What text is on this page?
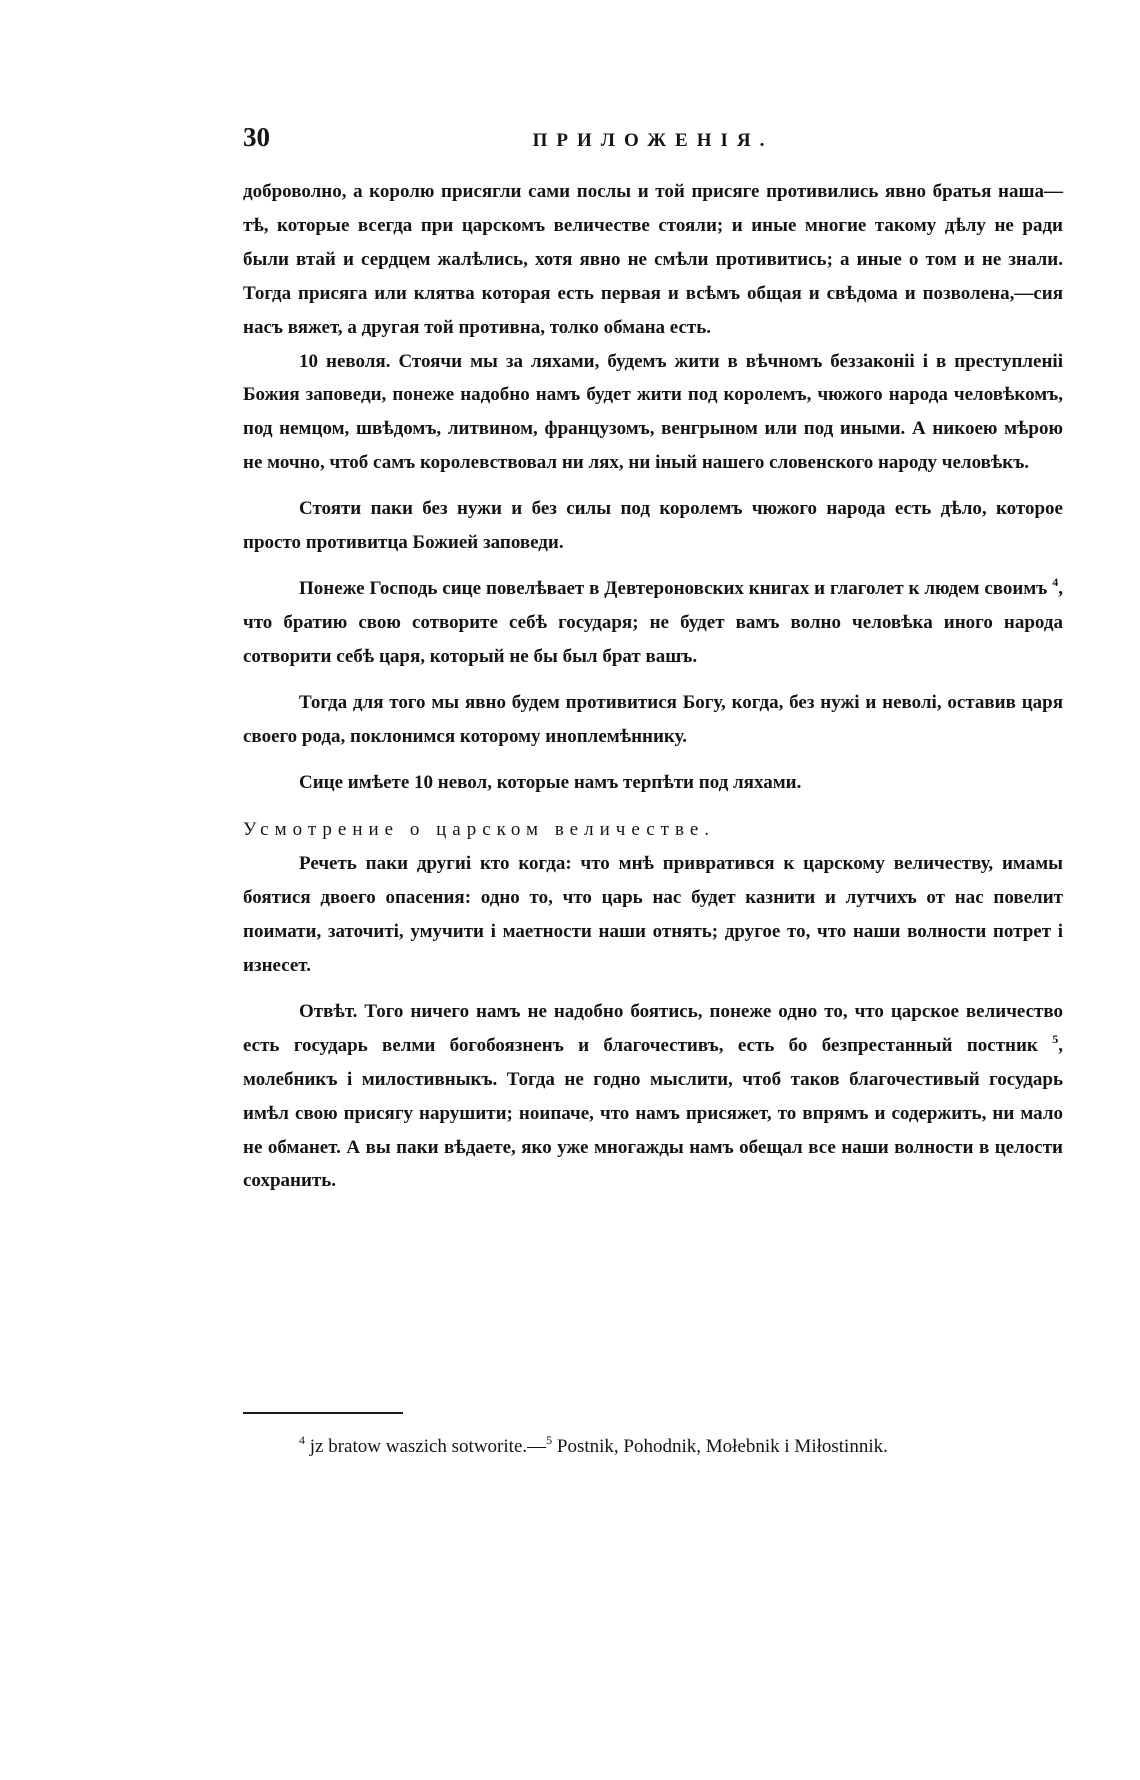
30	ПРИЛОЖЕНІЯ.

доброволно, а королю присягли сами послы и той присяге противились явно братья наша—тѣ, которые всегда при царскомъ величестве стояли; и иные многие такому дѣлу не ради были втай и сердцем жалѣлись, хотя явно не смѣли противитись; а иные о том и не знали. Тогда присяга или клятва которая есть первая и всѣмъ общая и свѣдома и позволена,—сия насъ вяжет, а другая той противна, толко обмана есть.

10 неволя. Стоячи мы за ляхами, будемъ жити в вѣчномъ беззаконіі і в преступленіі Божия заповеди, понеже надобно намъ будет жити под королемъ, чюжого народа человѣкомъ, под немцом, швѣдомъ, литвином, французомъ, венгрыном или под иными. А никоею мѣрою не мочно, чтоб самъ королевствовал ни лях, ни іный нашего словенского народу человѣкъ.

Стояти паки без нужи и без силы под королемъ чюжого народа есть дѣло, которое просто противитца Божией заповеди.

Понеже Господь сице повелѣвает в Девтероновских книгах и глаголет к людем своимъ $^4$, что братию свою сотворите себѣ государя; не будет вамъ волно человѣка иного народа сотворити себѣ царя, который не бы был брат вашъ.

Тогда для того мы явно будем противитися Богу, когда, без нужі и неволі, оставив царя своего рода, поклонимся которому иноплемѣннику.

Сице имѣете 10 невол, которые намъ терпѣти под ляхами.

Усмотрение о царском величестве.

Речеть паки другиі кто когда: что мнѣ привратився к царскому величеству, имамы боятися двоего опасения: одно то, что царь нас будет казнити и лутчихъ от нас повелит поимати, заточиті, умучити і маетности наши отнять; другое то, что наши волности потрет і изнесет.

Отвѣт. Того ничего намъ не надобно боятись, понеже одно то, что царское величество есть государь велми богобоязненъ и благочестивъ, есть бо безпрестанный постник $^5$, молебникъ і милостивныкъ. Тогда не годно мыслити, чтоб таков благочестивый государь имѣл свою присягу нарушити; ноипаче, что намъ присяжет, то впрямъ и содержить, ни мало не обманет. А вы паки вѣдаете, яко уже многажды намъ обещал все наши волности в целости сохранить.

$^4$ jz bratow waszich sotworite.—$^5$ Postnik, Pohodnik, Mołebnik i Miłostinnik.
